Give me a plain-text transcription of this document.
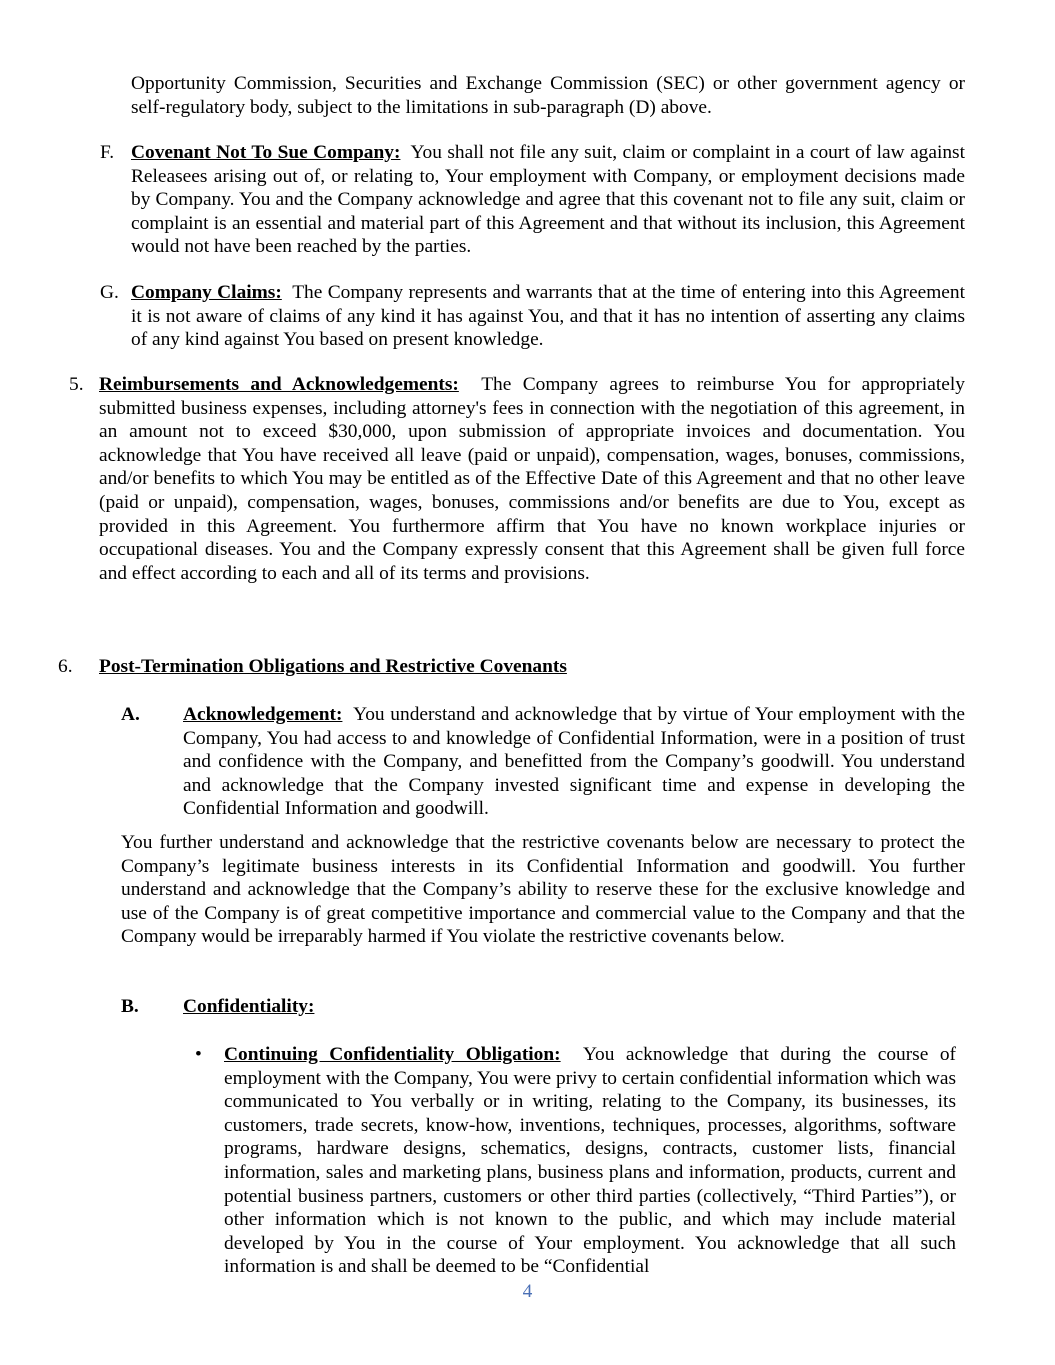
Opportunity Commission, Securities and Exchange Commission (SEC) or other government agency or self-regulatory body, subject to the limitations in sub-paragraph (D) above.

F. Covenant Not To Sue Company: You shall not file any suit, claim or complaint in a court of law against Releasees arising out of, or relating to, Your employment with Company, or employment decisions made by Company. You and the Company acknowledge and agree that this covenant not to file any suit, claim or complaint is an essential and material part of this Agreement and that without its inclusion, this Agreement would not have been reached by the parties.

G. Company Claims: The Company represents and warrants that at the time of entering into this Agreement it is not aware of claims of any kind it has against You, and that it has no intention of asserting any claims of any kind against You based on present knowledge.

5. Reimbursements and Acknowledgements: The Company agrees to reimburse You for appropriately submitted business expenses, including attorney's fees in connection with the negotiation of this agreement, in an amount not to exceed $30,000, upon submission of appropriate invoices and documentation. You acknowledge that You have received all leave (paid or unpaid), compensation, wages, bonuses, commissions, and/or benefits to which You may be entitled as of the Effective Date of this Agreement and that no other leave (paid or unpaid), compensation, wages, bonuses, commissions and/or benefits are due to You, except as provided in this Agreement. You furthermore affirm that You have no known workplace injuries or occupational diseases. You and the Company expressly consent that this Agreement shall be given full force and effect according to each and all of its terms and provisions.

6. Post-Termination Obligations and Restrictive Covenants

A. Acknowledgement: You understand and acknowledge that by virtue of Your employment with the Company, You had access to and knowledge of Confidential Information, were in a position of trust and confidence with the Company, and benefitted from the Company’s goodwill. You understand and acknowledge that the Company invested significant time and expense in developing the Confidential Information and goodwill.

You further understand and acknowledge that the restrictive covenants below are necessary to protect the Company’s legitimate business interests in its Confidential Information and goodwill. You further understand and acknowledge that the Company’s ability to reserve these for the exclusive knowledge and use of the Company is of great competitive importance and commercial value to the Company and that the Company would be irreparably harmed if You violate the restrictive covenants below.

B. Confidentiality:

• Continuing Confidentiality Obligation: You acknowledge that during the course of employment with the Company, You were privy to certain confidential information which was communicated to You verbally or in writing, relating to the Company, its businesses, its customers, trade secrets, know-how, inventions, techniques, processes, algorithms, software programs, hardware designs, schematics, designs, contracts, customer lists, financial information, sales and marketing plans, business plans and information, products, current and potential business partners, customers or other third parties (collectively, “Third Parties”), or other information which is not known to the public, and which may include material developed by You in the course of Your employment. You acknowledge that all such information is and shall be deemed to be “Confidential

4
